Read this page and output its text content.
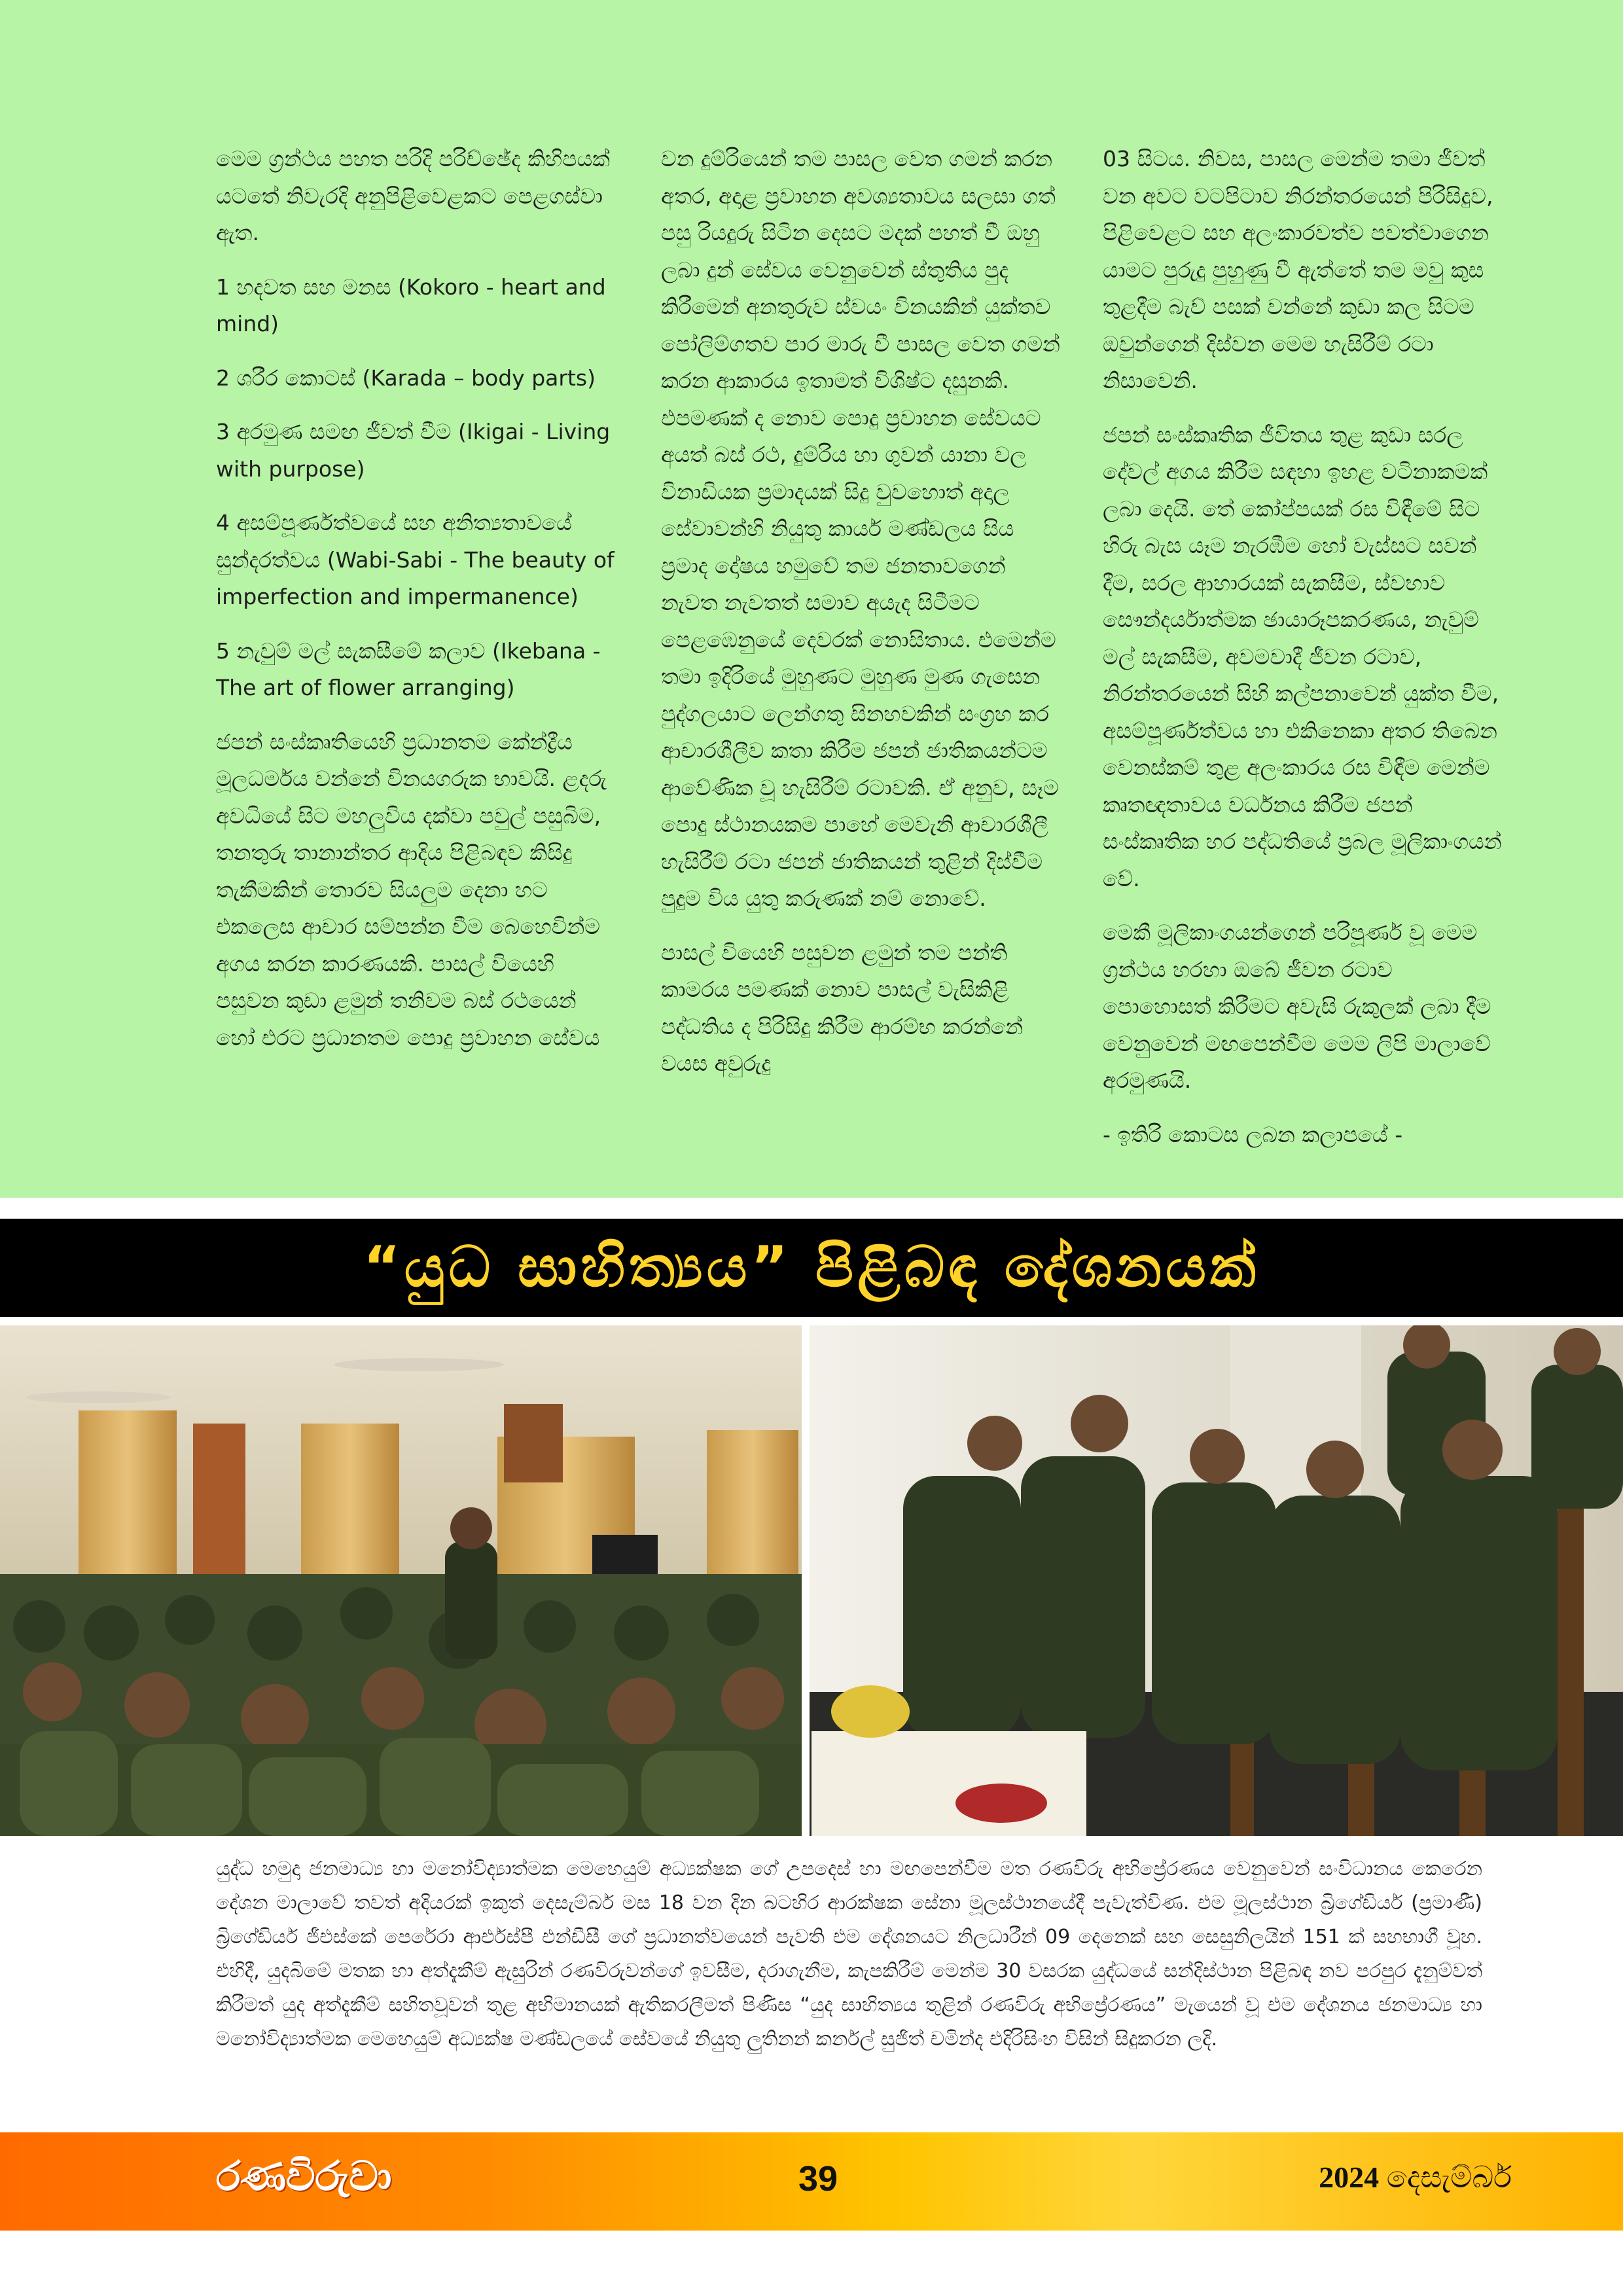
මෙම ග්‍රන්ථය පහත පරිදි පරිච්ඡේද කිහිපයක් යටතේ නිවැරදි අනුපිළිවෙළකට පෙළගස්වා ඇත.

1 හදවත සහ මනස (Kokoro - heart and mind)

2 ශරීර කොටස් (Karada – body parts)

3 අරමුණ සමඟ ජීවත් වීම (Ikigai - Living with purpose)

4 අසම්පූර්ණත්වයේ සහ අනිත්‍යතාවයේ සුන්දරත්වය (Wabi-Sabi - The beauty of imperfection and impermanence)

5 නැවුම් මල් සැකසීමේ කලාව (Ikebana - The art of flower arranging)

ජපන් සංස්කෘතියෙහි ප්‍රධානතම කේන්ද්‍රීය මූලධර්මය වන්නේ විනයගරුක භාවයි. ළදරු අවධියේ සිට මහලුවිය දක්වා පවුල් පසුබිම, තනතුරු තානාන්තර ආදිය පිළිබඳව කිසිදු තැකීමකින් තොරව සියලුම දෙනා හට එකලෙස ආචාර සම්පන්න වීම බෙහෙවින්ම අගය කරන කාරණයකි. පාසල් වියෙහි පසුවන කුඩා ළමුන් තනිවම බස් රථයෙන් හෝ එරට ප්‍රධානතම පොදු ප්‍රවාහන සේවය

වන දුම්රියෙන් තම පාසල වෙත ගමන් කරන අතර, අදාළ ප්‍රවාහන අවශ්‍යතාවය සලසා ගත් පසු රියදුරු සිටින දෙසට මදක් පහත් වී ඔහු ලබා දුන් සේවය වෙනුවෙන් ස්තුතිය පුද කිරීමෙන් අනතුරුව ස්වයං විනයකින් යුක්තව පෝලිම්ගතව පාර මාරු වී පාසල වෙත ගමන් කරන ආකාරය ඉතාමත් විශිෂ්ට දසුනකි. එපමණක් ද නොව පොදු ප්‍රවාහන සේවයට අයත් බස් රථ, දුම්රිය හා ගුවන් යානා වල විනාඩියක ප්‍රමාදයක් සිදු වුවහොත් අදාල සේවාවන්හි නියුතු කාර්ය මණ්ඩලය සිය ප්‍රමාද දෝෂය හමුවේ තම ජනතාවගෙන් නැවත නැවතත් සමාව අයැද සිටීමට පෙළඹෙනුයේ දෙවරක් නොසිතාය. එමෙන්ම තමා ඉදිරියේ මුහුණට මුහුණ මුණ ගැසෙන පුද්ගලයාට ලෙන්ගතු සිනහවකින් සංග්‍රහ කර ආචාරශීලීව කතා කිරීම ජපන් ජාතිකයන්ටම ආවේණික වූ හැසිරීම් රටාවකි. ඒ අනුව, සෑම පොදු ස්ථානයකම පාහේ මෙවැනි ආචාරශීලී හැසිරීම් රටා ජපන් ජාතිකයන් තුළින් දිස්වීම පුදුම විය යුතු කරුණක් නම් නොවේ.

පාසල් වියෙහි පසුවන ළමුන් තම පන්ති කාමරය පමණක් නොව පාසල් වැසිකිළි පද්ධතිය ද පිරිසිදු කිරීම ආරම්භ කරන්නේ වයස අවුරුදු

03 සිටය. නිවස, පාසල මෙන්ම තමා ජීවත් වන අවට වටපිටාව නිරන්තරයෙන් පිරිසිදුව, පිළිවෙළට සහ අලංකාරවත්ව පවත්වාගෙන යාමට පුරුදු පුහුණු වී ඇත්තේ තම මවු කුස තුළදීම බැව් පසක් වන්නේ කුඩා කල සිටම ඔවුන්ගෙන් දිස්වන මෙම හැසිරීම් රටා නිසාවෙනි.

ජපන් සංස්කෘතික ජීවිතය තුළ කුඩා සරල දේවල් අගය කිරීම සඳහා ඉහළ වටිනාකමක් ලබා දෙයි. තේ කෝප්පයක් රස විඳීමේ සිට හිරු බැස යෑම නැරඹීම හෝ වැස්සට සවන් දීම, සරල ආහාරයක් සැකසීම, ස්වභාව සෞන්දර්යාත්මක ඡායාරූපකරණය, නැවුම් මල් සැකසීම, අවමවාදී ජීවන රටාව, නිරන්තරයෙන් සිහි කල්පනාවෙන් යුක්ත වීම, අසම්පූර්ණත්වය හා එකිනෙකා අතර තිබෙන වෙනස්කම් තුළ අලංකාරය රස විඳීම මෙන්ම කෘතඥතාවය වර්ධනය කිරීම ජපන් සංස්කෘතික හර පද්ධතියේ ප්‍රබල මූලිකාංගයන් වේ.

මෙකී මූලිකාංගයන්ගෙන් පරිපූර්ණ වූ මෙම ග්‍රන්ථය හරහා ඔබේ ජීවන රටාව පොහොසත් කිරීමට අවැසි රුකුලක් ලබා දීම වෙනුවෙන් මඟපෙන්වීම මෙම ලිපි මාලාවේ අරමුණයි.

- ඉතිරි කොටස ලබන කලාපයේ -

“යුධ සාහිත්‍යය” පිළිබඳ දේශනයක්
යුද්ධ හමුදා ජනමාධ්‍ය හා මනෝවිද්‍යාත්මක මෙහෙයුම් අධ්‍යක්ෂක ගේ උපදෙස් හා මඟපෙන්වීම මත රණවිරු අභිප්‍රේරණය වෙනුවෙන් සංවිධානය කෙරෙන දේශන මාලාවේ තවත් අදියරක් ඉකුත් දෙසැම්බර් මස 18 වන දින බටහිර ආරක්ෂක සේනා මූලස්ථානයේදී පැවැත්විණ. එම මූලස්ථාන බ්‍රිගේඩියර් (ප්‍රමාණී) බ්‍රිගේඩියර් ජීඑස්කේ පෙරේරා ආර්එස්පී එන්ඩීසී ගේ ප්‍රධානත්වයෙන් පැවති එම දේශනයට නිලධාරීන් 09 දෙනෙක් සහ සෙසුනිලයින් 151 ක් සහභාගී වූහ. එහිදී, යුදබිමේ මතක හා අත්දැකීම් ඇසුරින් රණවිරුවන්ගේ ඉවසීම, දරාගැනීම, කැපකිරීම් මෙන්ම 30 වසරක යුද්ධයේ සන්දිස්ථාන පිළිබඳ නව පරපුර දැනුම්වත් කිරීමත් යුද අත්දැකීම් සහිතවූවන් තුළ අභිමානයක් ඇතිකරලීමත් පිණිස “යුද සාහිත්‍යය තුළින් රණවිරු අභිප්‍රේරණය” මැයෙන් වූ එම දේශනය ජනමාධ්‍ය හා මනෝවිද්‍යාත්මක මෙහෙයුම් අධ්‍යක්ෂ මණ්ඩලයේ සේවයේ නියුතු ලුතිනන් කර්නල් සුජිත් චමින්ද එදිරිසිංහ විසින් සිදුකරන ලදි.
රණවිරුවා	39	2024 දෙසැම්බර්
